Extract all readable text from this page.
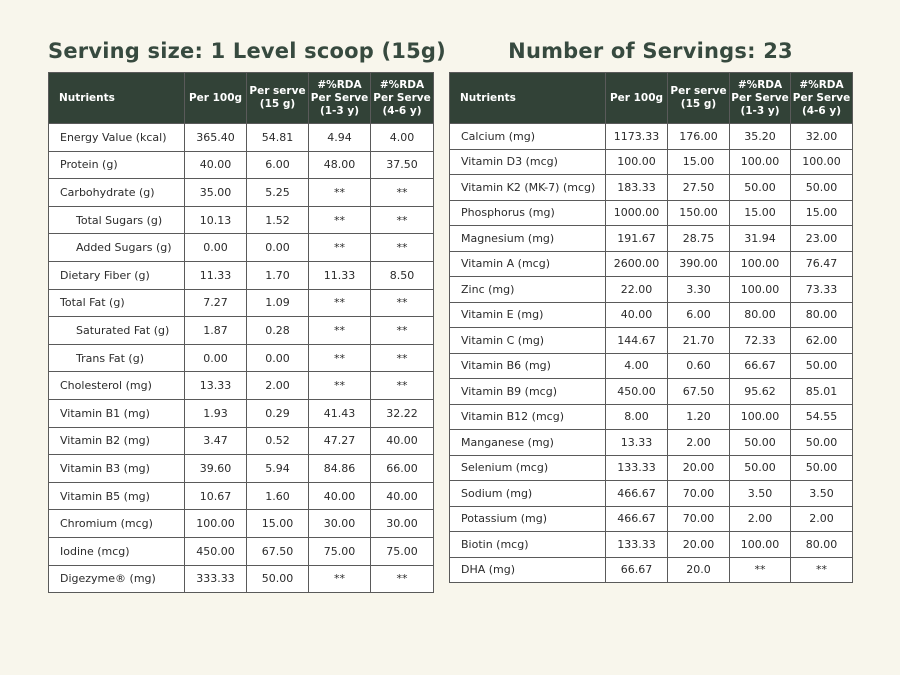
Serving size: 1 Level scoop (15g)
Nutrients	Per 100g	Per serve (15 g)	#%RDA Per Serve (1-3 y)	#%RDA Per Serve (4-6 y)
Energy Value (kcal)	365.40	54.81	4.94	4.00
Protein (g)	40.00	6.00	48.00	37.50
Carbohydrate (g)	35.00	5.25	**	**
Total Sugars (g)	10.13	1.52	**	**
Added Sugars (g)	0.00	0.00	**	**
Dietary Fiber (g)	11.33	1.70	11.33	8.50
Total Fat (g)	7.27	1.09	**	**
Saturated Fat (g)	1.87	0.28	**	**
Trans Fat (g)	0.00	0.00	**	**
Cholesterol (mg)	13.33	2.00	**	**
Vitamin B1 (mg)	1.93	0.29	41.43	32.22
Vitamin B2 (mg)	3.47	0.52	47.27	40.00
Vitamin B3 (mg)	39.60	5.94	84.86	66.00
Vitamin B5 (mg)	10.67	1.60	40.00	40.00
Chromium (mcg)	100.00	15.00	30.00	30.00
Iodine (mcg)	450.00	67.50	75.00	75.00
Digezyme® (mg)	333.33	50.00	**	**
Number of Servings: 23
Nutrients	Per 100g	Per serve (15 g)	#%RDA Per Serve (1-3 y)	#%RDA Per Serve (4-6 y)
Calcium (mg)	1173.33	176.00	35.20	32.00
Vitamin D3 (mcg)	100.00	15.00	100.00	100.00
Vitamin K2 (MK-7) (mcg)	183.33	27.50	50.00	50.00
Phosphorus (mg)	1000.00	150.00	15.00	15.00
Magnesium (mg)	191.67	28.75	31.94	23.00
Vitamin A (mcg)	2600.00	390.00	100.00	76.47
Zinc (mg)	22.00	3.30	100.00	73.33
Vitamin E (mg)	40.00	6.00	80.00	80.00
Vitamin C (mg)	144.67	21.70	72.33	62.00
Vitamin B6 (mg)	4.00	0.60	66.67	50.00
Vitamin B9 (mcg)	450.00	67.50	95.62	85.01
Vitamin B12 (mcg)	8.00	1.20	100.00	54.55
Manganese (mg)	13.33	2.00	50.00	50.00
Selenium (mcg)	133.33	20.00	50.00	50.00
Sodium (mg)	466.67	70.00	3.50	3.50
Potassium (mg)	466.67	70.00	2.00	2.00
Biotin (mcg)	133.33	20.00	100.00	80.00
DHA (mg)	66.67	20.0	**	**
